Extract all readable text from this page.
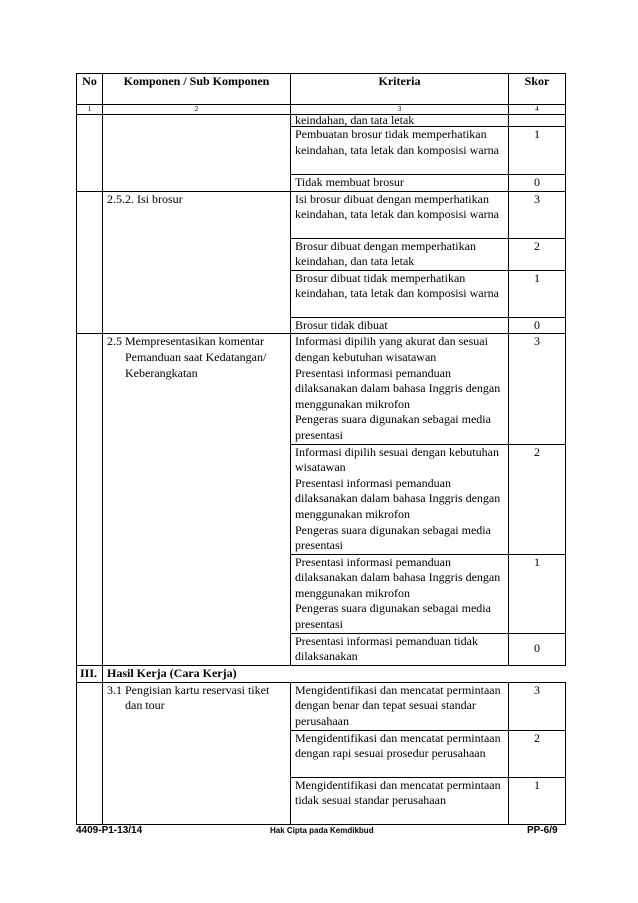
No	Komponen / Sub Komponen	Kriteria	Skor
1	2	3	4
		keindahan, dan tata letak	
		Pembuatan brosur tidak memperhatikan keindahan, tata letak dan komposisi warna	1
		Tidak membuat brosur	0
	2.5.2. Isi brosur	Isi brosur dibuat dengan memperhatikan keindahan, tata letak dan komposisi warna	3
		Brosur dibuat dengan memperhatikan keindahan, dan tata letak	2
		Brosur dibuat tidak memperhatikan keindahan, tata letak dan komposisi warna	1
		Brosur tidak dibuat	0

	2.5 Mempresentasikan komentar Pemanduan saat Kedatangan/ Keberangkatan	Informasi dipilih yang akurat dan sesuai dengan kebutuhan wisatawan
Presentasi informasi pemanduan dilaksanakan dalam bahasa Inggris dengan menggunakan mikrofon
Pengeras suara digunakan sebagai media presentasi	3

		Informasi dipilih sesuai dengan kebutuhan wisatawan
Presentasi informasi pemanduan dilaksanakan dalam bahasa Inggris dengan menggunakan mikrofon
Pengeras suara digunakan sebagai media presentasi	2

		Presentasi informasi pemanduan dilaksanakan dalam bahasa Inggris dengan menggunakan mikrofon
Pengeras suara digunakan sebagai media presentasi	1
		Presentasi informasi pemanduan tidak dilaksanakan	0
III.	Hasil Kerja (Cara Kerja)		

	3.1 Pengisian kartu reservasi tiket dan tour	Mengidentifikasi dan mencatat permintaan dengan benar dan tepat sesuai standar perusahaan	3
		Mengidentifikasi dan mencatat permintaan dengan rapi sesuai prosedur perusahaan	2
		Mengidentifikasi dan mencatat permintaan tidak sesuai standar perusahaan	1
4409-P1-13/14	Hak Cipta pada Kemdikbud	PP-6/9
